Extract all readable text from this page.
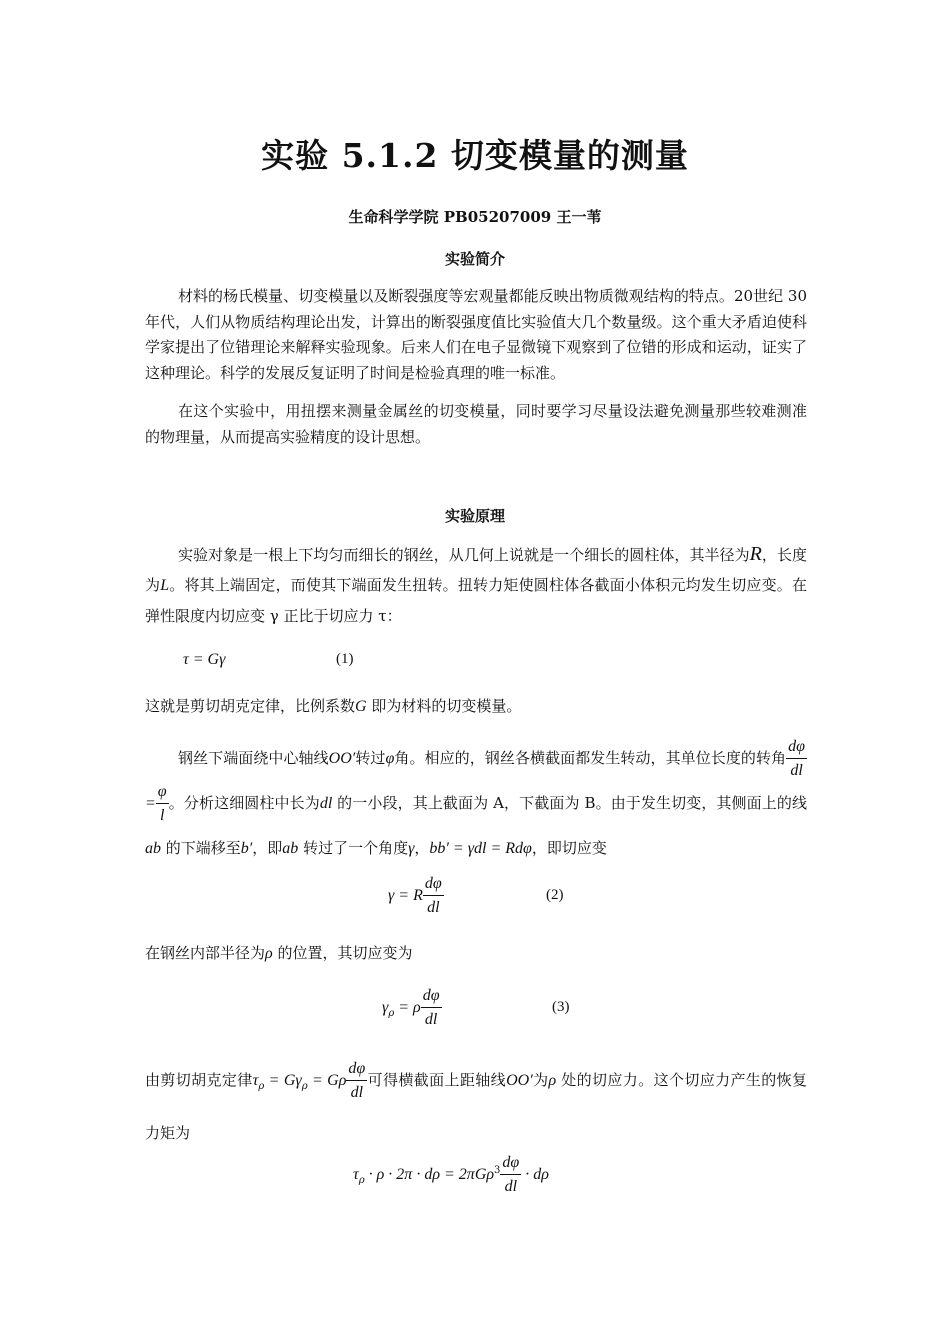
实验 5.1.2 切变模量的测量
生命科学学院 PB05207009 王一苇
实验简介
材料的杨氏模量、切变模量以及断裂强度等宏观量都能反映出物质微观结构的特点。20世纪 30 年代，人们从物质结构理论出发，计算出的断裂强度值比实验值大几个数量级。这个重大矛盾迫使科学家提出了位错理论来解释实验现象。后来人们在电子显微镜下观察到了位错的形成和运动，证实了这种理论。科学的发展反复证明了时间是检验真理的唯一标准。
在这个实验中，用扭摆来测量金属丝的切变模量，同时要学习尽量设法避免测量那些较难测准的物理量，从而提高实验精度的设计思想。
实验原理
实验对象是一根上下均匀而细长的钢丝，从几何上说就是一个细长的圆柱体，其半径为R，长度为L。将其上端固定，而使其下端面发生扭转。扭转力矩使圆柱体各截面小体积元均发生切应变。在弹性限度内切应变 γ 正比于切应力 τ：
τ = Gγ	(1)
这就是剪切胡克定律，比例系数G 即为材料的切变模量。
钢丝下端面绕中心轴线OO′转过φ角。相应的，钢丝各横截面都发生转动，其单位长度的转角 $\frac{d\varphi}{dl}$
= $\frac{\varphi}{l}$ 。分析这细圆柱中长为dl 的一小段，其上截面为 A，下截面为 B。由于发生切变，其侧面上的线ab 的下端移至b′，即ab 转过了一个角度γ，bb′ = γdl = Rdφ，即切应变
γ = R $\frac{d\varphi}{dl}$	(2)
在钢丝内部半径为ρ 的位置，其切应变为
$\gamma_\rho = \rho \frac{d\varphi}{dl}$	(3)
由剪切胡克定律$\tau_\rho = G\gamma_\rho = G\rho \frac{d\varphi}{dl}$ 可得横截面上距轴线OO′为ρ 处的切应力。这个切应力产生的恢复力矩为
$\tau_\rho \cdot \rho \cdot 2\pi \cdot d\rho = 2\pi G\rho^3 \frac{d\varphi}{dl} \cdot d\rho$
